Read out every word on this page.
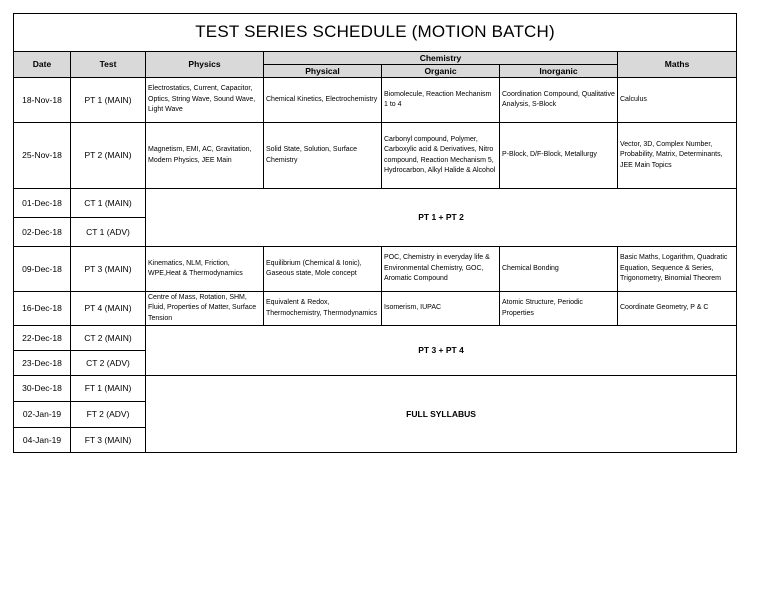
TEST SERIES SCHEDULE (MOTION BATCH)						
Date	Test	Physics	Chemistry			Maths
			Physical	Organic	Inorganic	
18-Nov-18	PT 1 (MAIN)	Electrostatics, Current, Capacitor, Optics, String Wave, Sound Wave, Light Wave	Chemical Kinetics, Electrochemistry	Biomolecule, Reaction Mechanism 1 to 4	Coordination Compound, Qualitative Analysis, S-Block	Calculus
25-Nov-18	PT 2 (MAIN)	Magnetism, EMI, AC, Gravitation, Modern Physics, JEE Main	Solid State, Solution, Surface Chemistry	Carbonyl compound, Polymer, Carboxylic acid & Derivatives, Nitro compound, Reaction Mechanism 5, Hydrocarbon, Alkyl Halide & Alcohol	P-Block, D/F-Block, Metallurgy	Vector, 3D, Complex Number, Probability, Matrix, Determinants, JEE Main Topics
01-Dec-18	CT 1 (MAIN)	PT 1 + PT 2				
02-Dec-18	CT 1 (ADV)					
09-Dec-18	PT 3 (MAIN)	Kinematics, NLM, Friction, WPE,Heat & Thermodynamics	Equilibrium (Chemical & Ionic), Gaseous state, Mole concept	POC, Chemistry in everyday life & Environmental Chemistry, GOC, Aromatic Compound	Chemical Bonding	Basic Maths, Logarithm, Quadratic Equation, Sequence & Series, Trigonometry, Binomial Theorem
16-Dec-18	PT 4 (MAIN)	Centre of Mass, Rotation, SHM, Fluid, Properties of Matter, Surface Tension	Equivalent & Redox, Thermochemistry, Thermodynamics	Isomerism, IUPAC	Atomic Structure, Periodic Properties	Coordinate Geometry, P & C
22-Dec-18	CT 2 (MAIN)	PT 3 + PT 4				
23-Dec-18	CT 2 (ADV)					
30-Dec-18	FT 1 (MAIN)	FULL SYLLABUS				
02-Jan-19	FT 2 (ADV)					
04-Jan-19	FT 3 (MAIN)					
